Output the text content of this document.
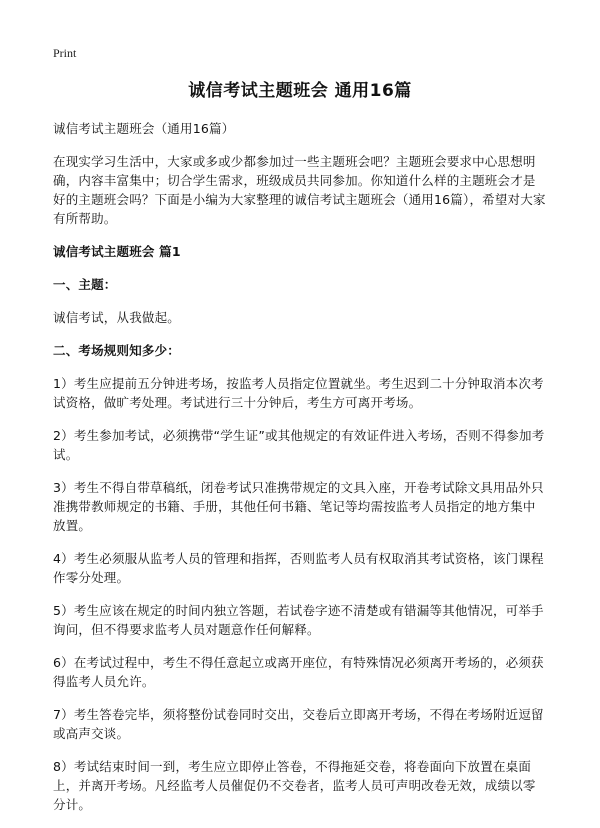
Print
诚信考试主题班会 通用16篇
诚信考试主题班会（通用16篇）
在现实学习生活中，大家或多或少都参加过一些主题班会吧？主题班会要求中心思想明确，内容丰富集中；切合学生需求，班级成员共同参加。你知道什么样的主题班会才是好的主题班会吗？下面是小编为大家整理的诚信考试主题班会（通用16篇），希望对大家有所帮助。
诚信考试主题班会 篇1
一、主题：
诚信考试，从我做起。
二、考场规则知多少：
1）考生应提前五分钟进考场，按监考人员指定位置就坐。考生迟到二十分钟取消本次考试资格，做旷考处理。考试进行三十分钟后，考生方可离开考场。
2）考生参加考试，必须携带“学生证”或其他规定的有效证件进入考场，否则不得参加考试。
3）考生不得自带草稿纸，闭卷考试只准携带规定的文具入座，开卷考试除文具用品外只准携带教师规定的书籍、手册，其他任何书籍、笔记等均需按监考人员指定的地方集中放置。
4）考生必须服从监考人员的管理和指挥，否则监考人员有权取消其考试资格，该门课程作零分处理。
5）考生应该在规定的时间内独立答题，若试卷字迹不清楚或有错漏等其他情况，可举手询问，但不得要求监考人员对题意作任何解释。
6）在考试过程中，考生不得任意起立或离开座位，有特殊情况必须离开考场的，必须获得监考人员允许。
7）考生答卷完毕，须将整份试卷同时交出，交卷后立即离开考场，不得在考场附近逗留或高声交谈。
8）考试结束时间一到，考生应立即停止答卷，不得拖延交卷，将卷面向下放置在桌面上，并离开考场。凡经监考人员催促仍不交卷者，监考人员可声明改卷无效，成绩以零分计。
